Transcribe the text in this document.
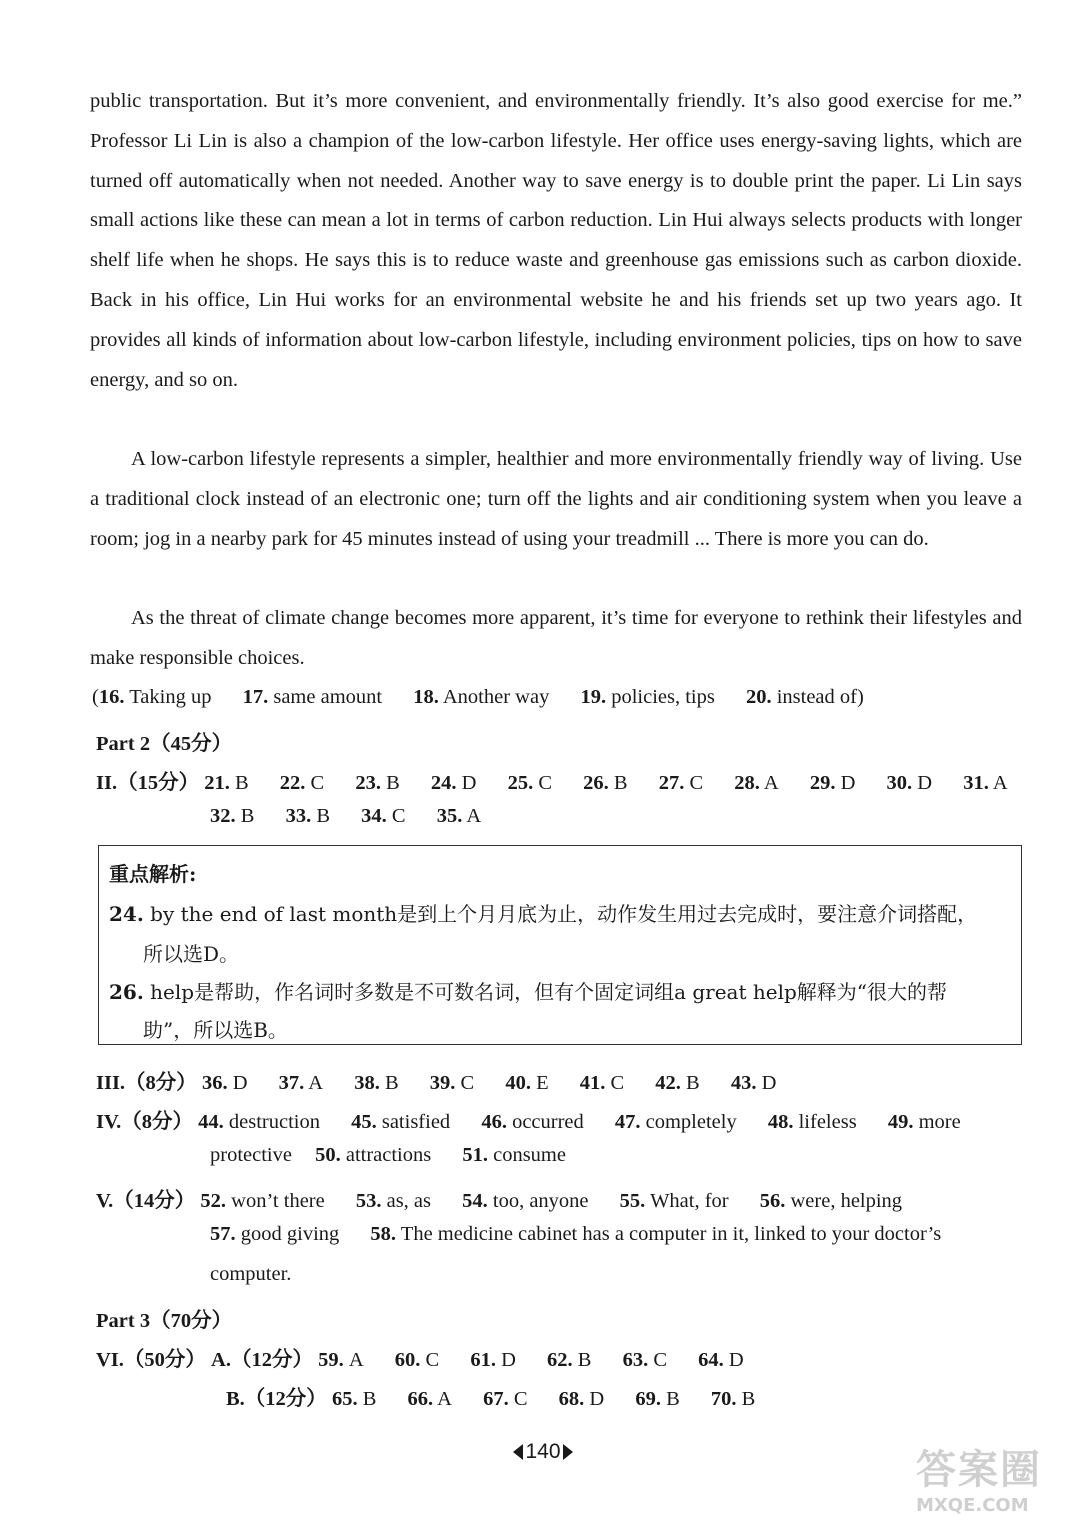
public transportation. But it’s more convenient, and environmentally friendly. It’s also good exercise for me.” Professor Li Lin is also a champion of the low-carbon lifestyle. Her office uses energy-saving lights, which are turned off automatically when not needed. Another way to save energy is to double print the paper. Li Lin says small actions like these can mean a lot in terms of carbon reduction. Lin Hui always selects products with longer shelf life when he shops. He says this is to reduce waste and greenhouse gas emissions such as carbon dioxide. Back in his office, Lin Hui works for an environmental website he and his friends set up two years ago. It provides all kinds of information about low-carbon lifestyle, including environment policies, tips on how to save energy, and so on.

A low-carbon lifestyle represents a simpler, healthier and more environmentally friendly way of living. Use a traditional clock instead of an electronic one; turn off the lights and air conditioning system when you leave a room; jog in a nearby park for 45 minutes instead of using your treadmill ... There is more you can do.

As the threat of climate change becomes more apparent, it’s time for everyone to rethink their lifestyles and make responsible choices.

(16. Taking up 17. same amount 18. Another way 19. policies, tips 20. instead of)
Part 2（45分）
II.（15分） 21. B 22. C 23. B 24. D 25. C 26. B 27. C 28. A 29. D 30. D 31. A
32. B 33. B 34. C 35. A
重点解析:
24. by the end of last month是到上个月月底为止，动作发生用过去完成时，要注意介词搭配，
所以选D。
26. help是帮助，作名词时多数是不可数名词，但有个固定词组a great help解释为“很大的帮
助”，所以选B。
III.（8分） 36. D 37. A 38. B 39. C 40. E 41. C 42. B 43. D
IV.（8分） 44. destruction 45. satisfied 46. occurred 47. completely 48. lifeless 49. more
protective 50. attractions 51. consume
V.（14分） 52. won’t there 53. as, as 54. too, anyone 55. What, for 56. were, helping
57. good giving 58. The medicine cabinet has a computer in it, linked to your doctor’s
computer.
Part 3（70分）
VI.（50分） A.（12分） 59. A 60. C 61. D 62. B 63. C 64. D
B.（12分） 65. B 66. A 67. C 68. D 69. B 70. B
140	答案圈
MXQE.COM
